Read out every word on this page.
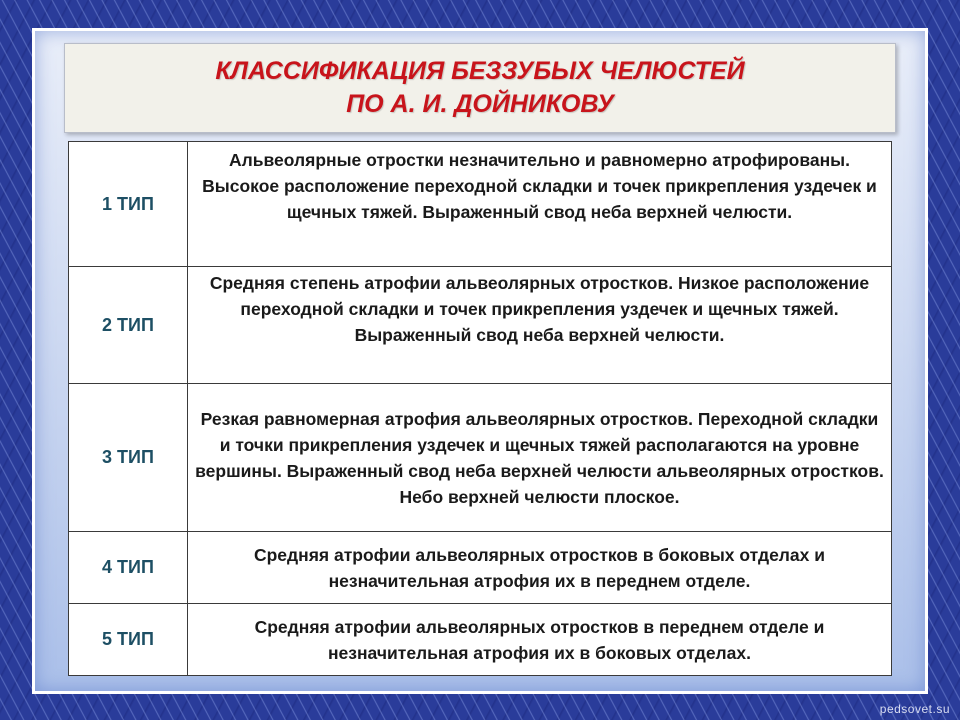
КЛАССИФИКАЦИЯ БЕЗЗУБЫХ ЧЕЛЮСТЕЙ
ПО А. И. ДОЙНИКОВУ
1 ТИП	Альвеолярные отростки незначительно и равномерно атрофированы. Высокое расположение переходной складки и точек прикрепления уздечек и щечных тяжей. Выраженный свод неба верхней челюсти.
2 ТИП	Средняя степень атрофии альвеолярных отростков. Низкое расположение переходной складки и точек прикрепления уздечек и щечных тяжей. Выраженный свод неба верхней челюсти.
3 ТИП	Резкая равномерная атрофия альвеолярных отростков. Переходной складки и точки прикрепления уздечек и щечных тяжей располагаются на уровне вершины. Выраженный свод неба верхней челюсти альвеолярных отростков. Небо верхней челюсти плоское.
4 ТИП	Средняя атрофии альвеолярных отростков в боковых отделах и незначительная атрофия их в переднем отделе.
5 ТИП	Средняя атрофии альвеолярных отростков в переднем отделе и незначительная атрофия их в боковых отделах.
pedsovet.su
